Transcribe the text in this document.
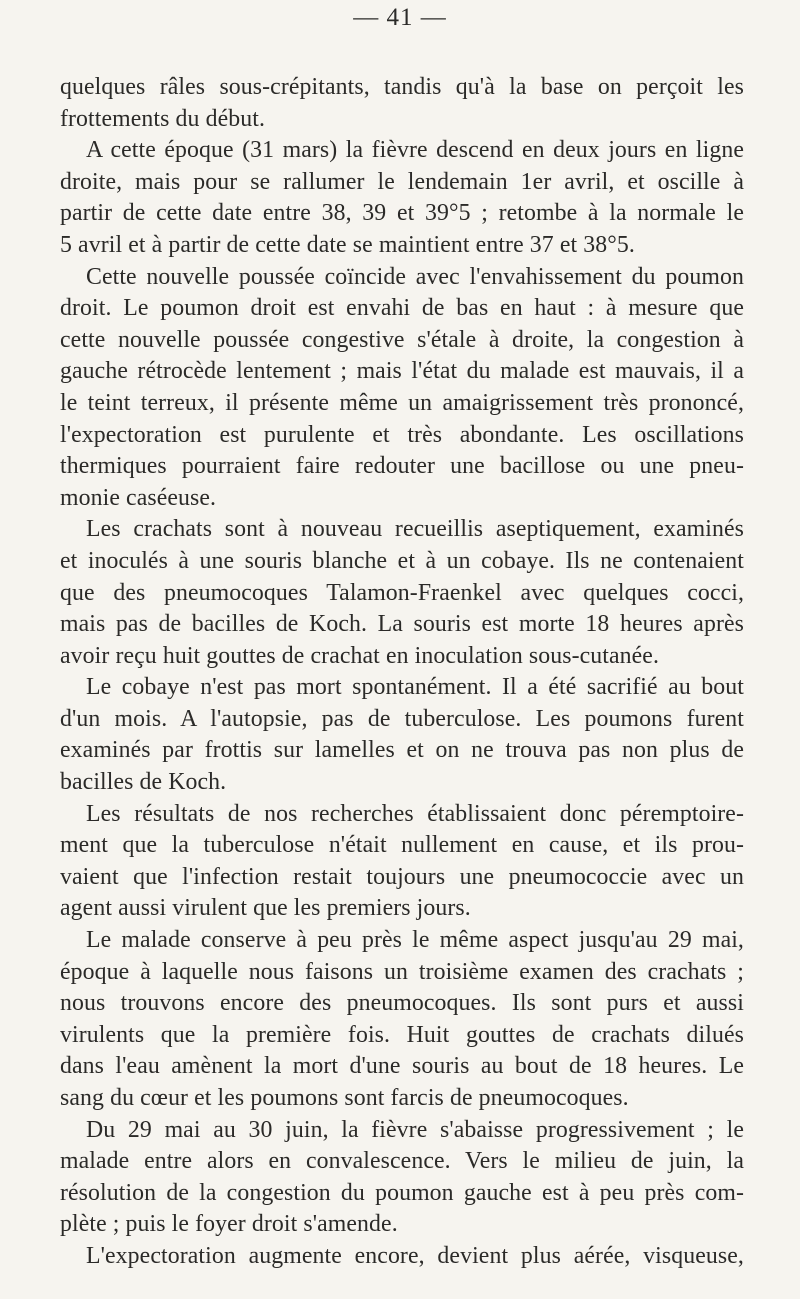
— 41 —
quelques râles sous-crépitants, tandis qu'à la base on perçoit les
frottements du début.
A cette époque (31 mars) la fièvre descend en deux jours en ligne
droite, mais pour se rallumer le lendemain 1er avril, et oscille à
partir de cette date entre 38, 39 et 39°5 ; retombe à la normale le
5 avril et à partir de cette date se maintient entre 37 et 38°5.
Cette nouvelle poussée coïncide avec l'envahissement du poumon
droit. Le poumon droit est envahi de bas en haut : à mesure que
cette nouvelle poussée congestive s'étale à droite, la congestion à
gauche rétrocède lentement ; mais l'état du malade est mauvais, il a
le teint terreux, il présente même un amaigrissement très prononcé,
l'expectoration est purulente et très abondante. Les oscillations
thermiques pourraient faire redouter une bacillose ou une pneu-
monie caséeuse.
Les crachats sont à nouveau recueillis aseptiquement, examinés
et inoculés à une souris blanche et à un cobaye. Ils ne contenaient
que des pneumocoques Talamon-Fraenkel avec quelques cocci,
mais pas de bacilles de Koch. La souris est morte 18 heures après
avoir reçu huit gouttes de crachat en inoculation sous-cutanée.
Le cobaye n'est pas mort spontanément. Il a été sacrifié au bout
d'un mois. A l'autopsie, pas de tuberculose. Les poumons furent
examinés par frottis sur lamelles et on ne trouva pas non plus de
bacilles de Koch.
Les résultats de nos recherches établissaient donc péremptoire-
ment que la tuberculose n'était nullement en cause, et ils prou-
vaient que l'infection restait toujours une pneumococcie avec un
agent aussi virulent que les premiers jours.
Le malade conserve à peu près le même aspect jusqu'au 29 mai,
époque à laquelle nous faisons un troisième examen des crachats ;
nous trouvons encore des pneumocoques. Ils sont purs et aussi
virulents que la première fois. Huit gouttes de crachats dilués
dans l'eau amènent la mort d'une souris au bout de 18 heures. Le
sang du cœur et les poumons sont farcis de pneumocoques.
Du 29 mai au 30 juin, la fièvre s'abaisse progressivement ; le
malade entre alors en convalescence. Vers le milieu de juin, la
résolution de la congestion du poumon gauche est à peu près com-
plète ; puis le foyer droit s'amende.
L'expectoration augmente encore, devient plus aérée, visqueuse,
